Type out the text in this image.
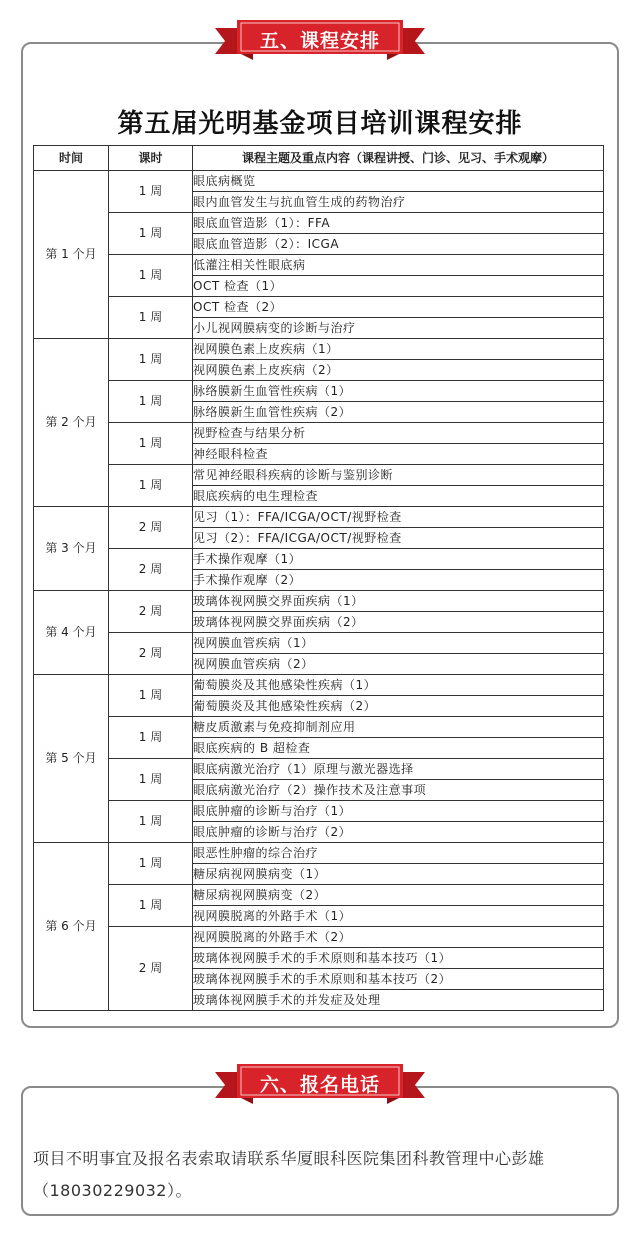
五、课程安排
第五届光明基金项目培训课程安排
时间	课时	课程主题及重点内容（课程讲授、门诊、见习、手术观摩）
第 1 个月	1 周	眼底病概览
		眼内血管发生与抗血管生成的药物治疗
	1 周	眼底血管造影（1）：FFA
		眼底血管造影（2）：ICGA
	1 周	低灌注相关性眼底病
		OCT 检查（1）
	1 周	OCT 检查（2）
		小儿视网膜病变的诊断与治疗
第 2 个月	1 周	视网膜色素上皮疾病（1）
		视网膜色素上皮疾病（2）
	1 周	脉络膜新生血管性疾病（1）
		脉络膜新生血管性疾病（2）
	1 周	视野检查与结果分析
		神经眼科检查
	1 周	常见神经眼科疾病的诊断与鉴别诊断
		眼底疾病的电生理检查
第 3 个月	2 周	见习（1）：FFA/ICGA/OCT/视野检查
		见习（2）：FFA/ICGA/OCT/视野检查
	2 周	手术操作观摩（1）
		手术操作观摩（2）
第 4 个月	2 周	玻璃体视网膜交界面疾病（1）
		玻璃体视网膜交界面疾病（2）
	2 周	视网膜血管疾病（1）
		视网膜血管疾病（2）
第 5 个月	1 周	葡萄膜炎及其他感染性疾病（1）
		葡萄膜炎及其他感染性疾病（2）
	1 周	糖皮质激素与免疫抑制剂应用
		眼底疾病的 B 超检查
	1 周	眼底病激光治疗（1）原理与激光器选择
		眼底病激光治疗（2）操作技术及注意事项
	1 周	眼底肿瘤的诊断与治疗（1）
		眼底肿瘤的诊断与治疗（2）
第 6 个月	1 周	眼恶性肿瘤的综合治疗
		糖尿病视网膜病变（1）
	1 周	糖尿病视网膜病变（2）
		视网膜脱离的外路手术（1）
	2 周	视网膜脱离的外路手术（2）
		玻璃体视网膜手术的手术原则和基本技巧（1）
		玻璃体视网膜手术的手术原则和基本技巧（2）
		玻璃体视网膜手术的并发症及处理
六、报名电话
项目不明事宜及报名表索取请联系华厦眼科医院集团科教管理中心彭雄（18030229032）。
